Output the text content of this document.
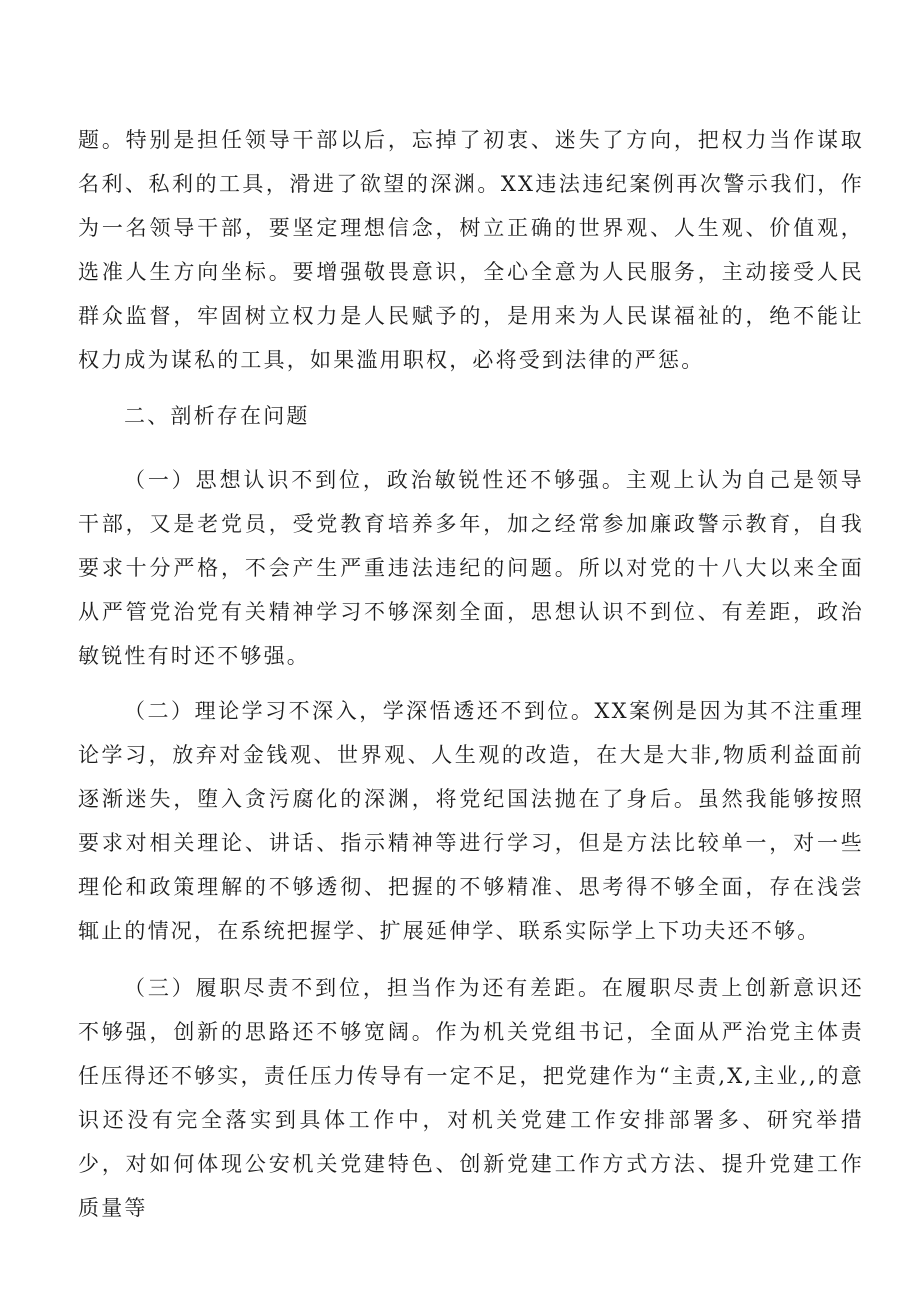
题。特别是担任领导干部以后，忘掉了初衷、迷失了方向，把权力当作谋取名利、私利的工具，滑进了欲望的深渊。XX违法违纪案例再次警示我们，作为一名领导干部，要坚定理想信念，树立正确的世界观、人生观、价值观，选准人生方向坐标。要增强敬畏意识，全心全意为人民服务，主动接受人民群众监督，牢固树立权力是人民赋予的，是用来为人民谋福祉的，绝不能让权力成为谋私的工具，如果滥用职权，必将受到法律的严惩。

二、剖析存在问题

（一）思想认识不到位，政治敏锐性还不够强。主观上认为自己是领导干部，又是老党员，受党教育培养多年，加之经常参加廉政警示教育，自我要求十分严格，不会产生严重违法违纪的问题。所以对党的十八大以来全面从严管党治党有关精神学习不够深刻全面，思想认识不到位、有差距，政治敏锐性有时还不够强。

（二）理论学习不深入，学深悟透还不到位。XX案例是因为其不注重理论学习，放弃对金钱观、世界观、人生观的改造，在大是大非,物质利益面前逐渐迷失，堕入贪污腐化的深渊，将党纪国法抛在了身后。虽然我能够按照要求对相关理论、讲话、指示精神等进行学习，但是方法比较单一，对一些理伦和政策理解的不够透彻、把握的不够精准、思考得不够全面，存在浅尝辄止的情况，在系统把握学、扩展延伸学、联系实际学上下功夫还不够。

（三）履职尽责不到位，担当作为还有差距。在履职尽责上创新意识还不够强，创新的思路还不够宽阔。作为机关党组书记，全面从严治党主体责任压得还不够实，责任压力传导有一定不足，把党建作为“主责,X,主业,,的意识还没有完全落实到具体工作中，对机关党建工作安排部署多、研究举措少，对如何体现公安机关党建特色、创新党建工作方式方法、提升党建工作质量等
